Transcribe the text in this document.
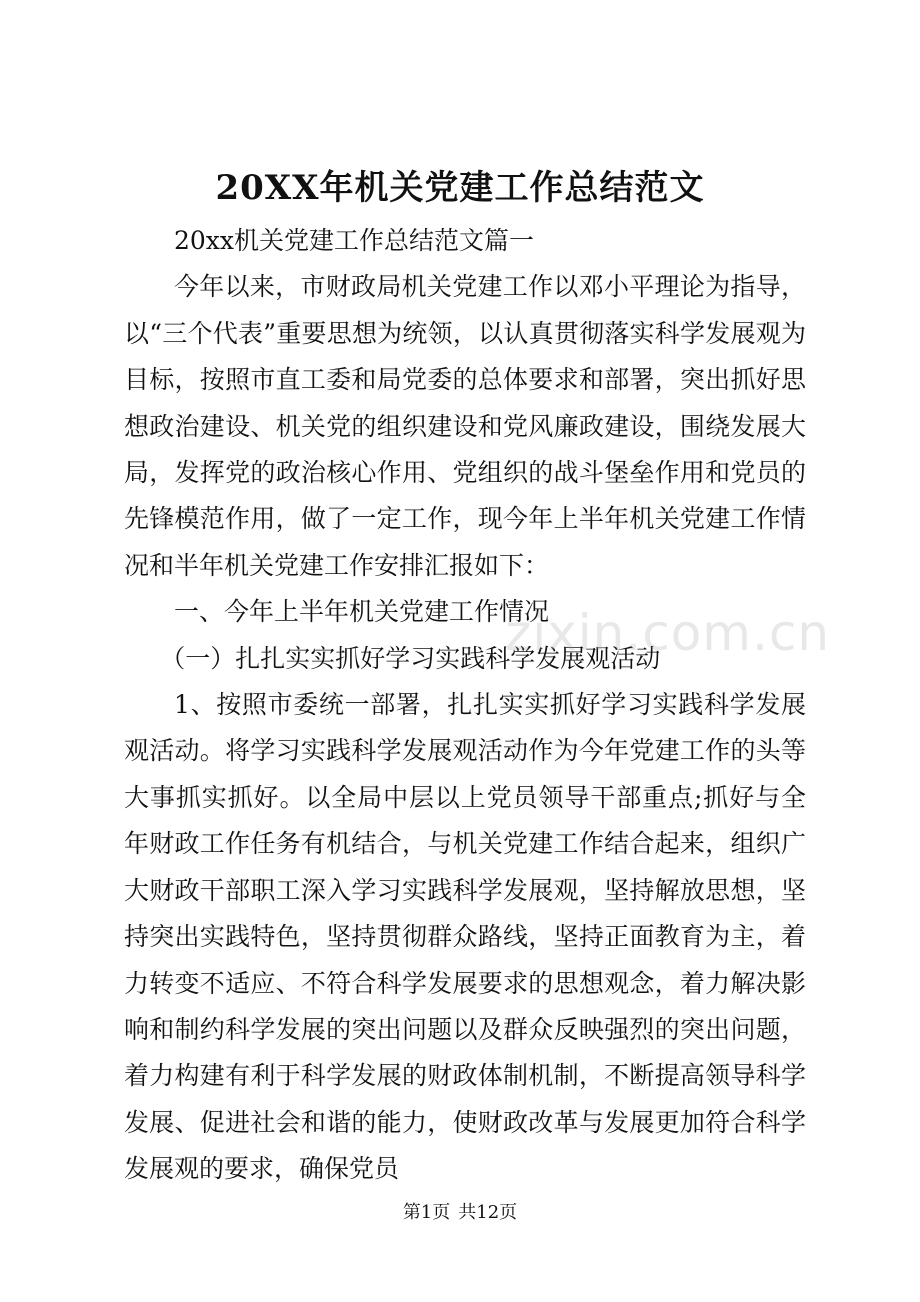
20XX年机关党建工作总结范文

20xx机关党建工作总结范文篇一

今年以来，市财政局机关党建工作以邓小平理论为指导，以“三个代表”重要思想为统领，以认真贯彻落实科学发展观为目标，按照市直工委和局党委的总体要求和部署，突出抓好思想政治建设、机关党的组织建设和党风廉政建设，围绕发展大局，发挥党的政治核心作用、党组织的战斗堡垒作用和党员的先锋模范作用，做了一定工作，现今年上半年机关党建工作情况和半年机关党建工作安排汇报如下：

一、今年上半年机关党建工作情况

（一）扎扎实实抓好学习实践科学发展观活动

1、按照市委统一部署，扎扎实实抓好学习实践科学发展观活动。将学习实践科学发展观活动作为今年党建工作的头等大事抓实抓好。以全局中层以上党员领导干部重点;抓好与全年财政工作任务有机结合，与机关党建工作结合起来，组织广大财政干部职工深入学习实践科学发展观，坚持解放思想，坚持突出实践特色，坚持贯彻群众路线，坚持正面教育为主，着力转变不适应、不符合科学发展要求的思想观念，着力解决影响和制约科学发展的突出问题以及群众反映强烈的突出问题，着力构建有利于科学发展的财政体制机制，不断提高领导科学发展、促进社会和谐的能力，使财政改革与发展更加符合科学发展观的要求，确保党员

zixin.com.cn
第1页 共12页
